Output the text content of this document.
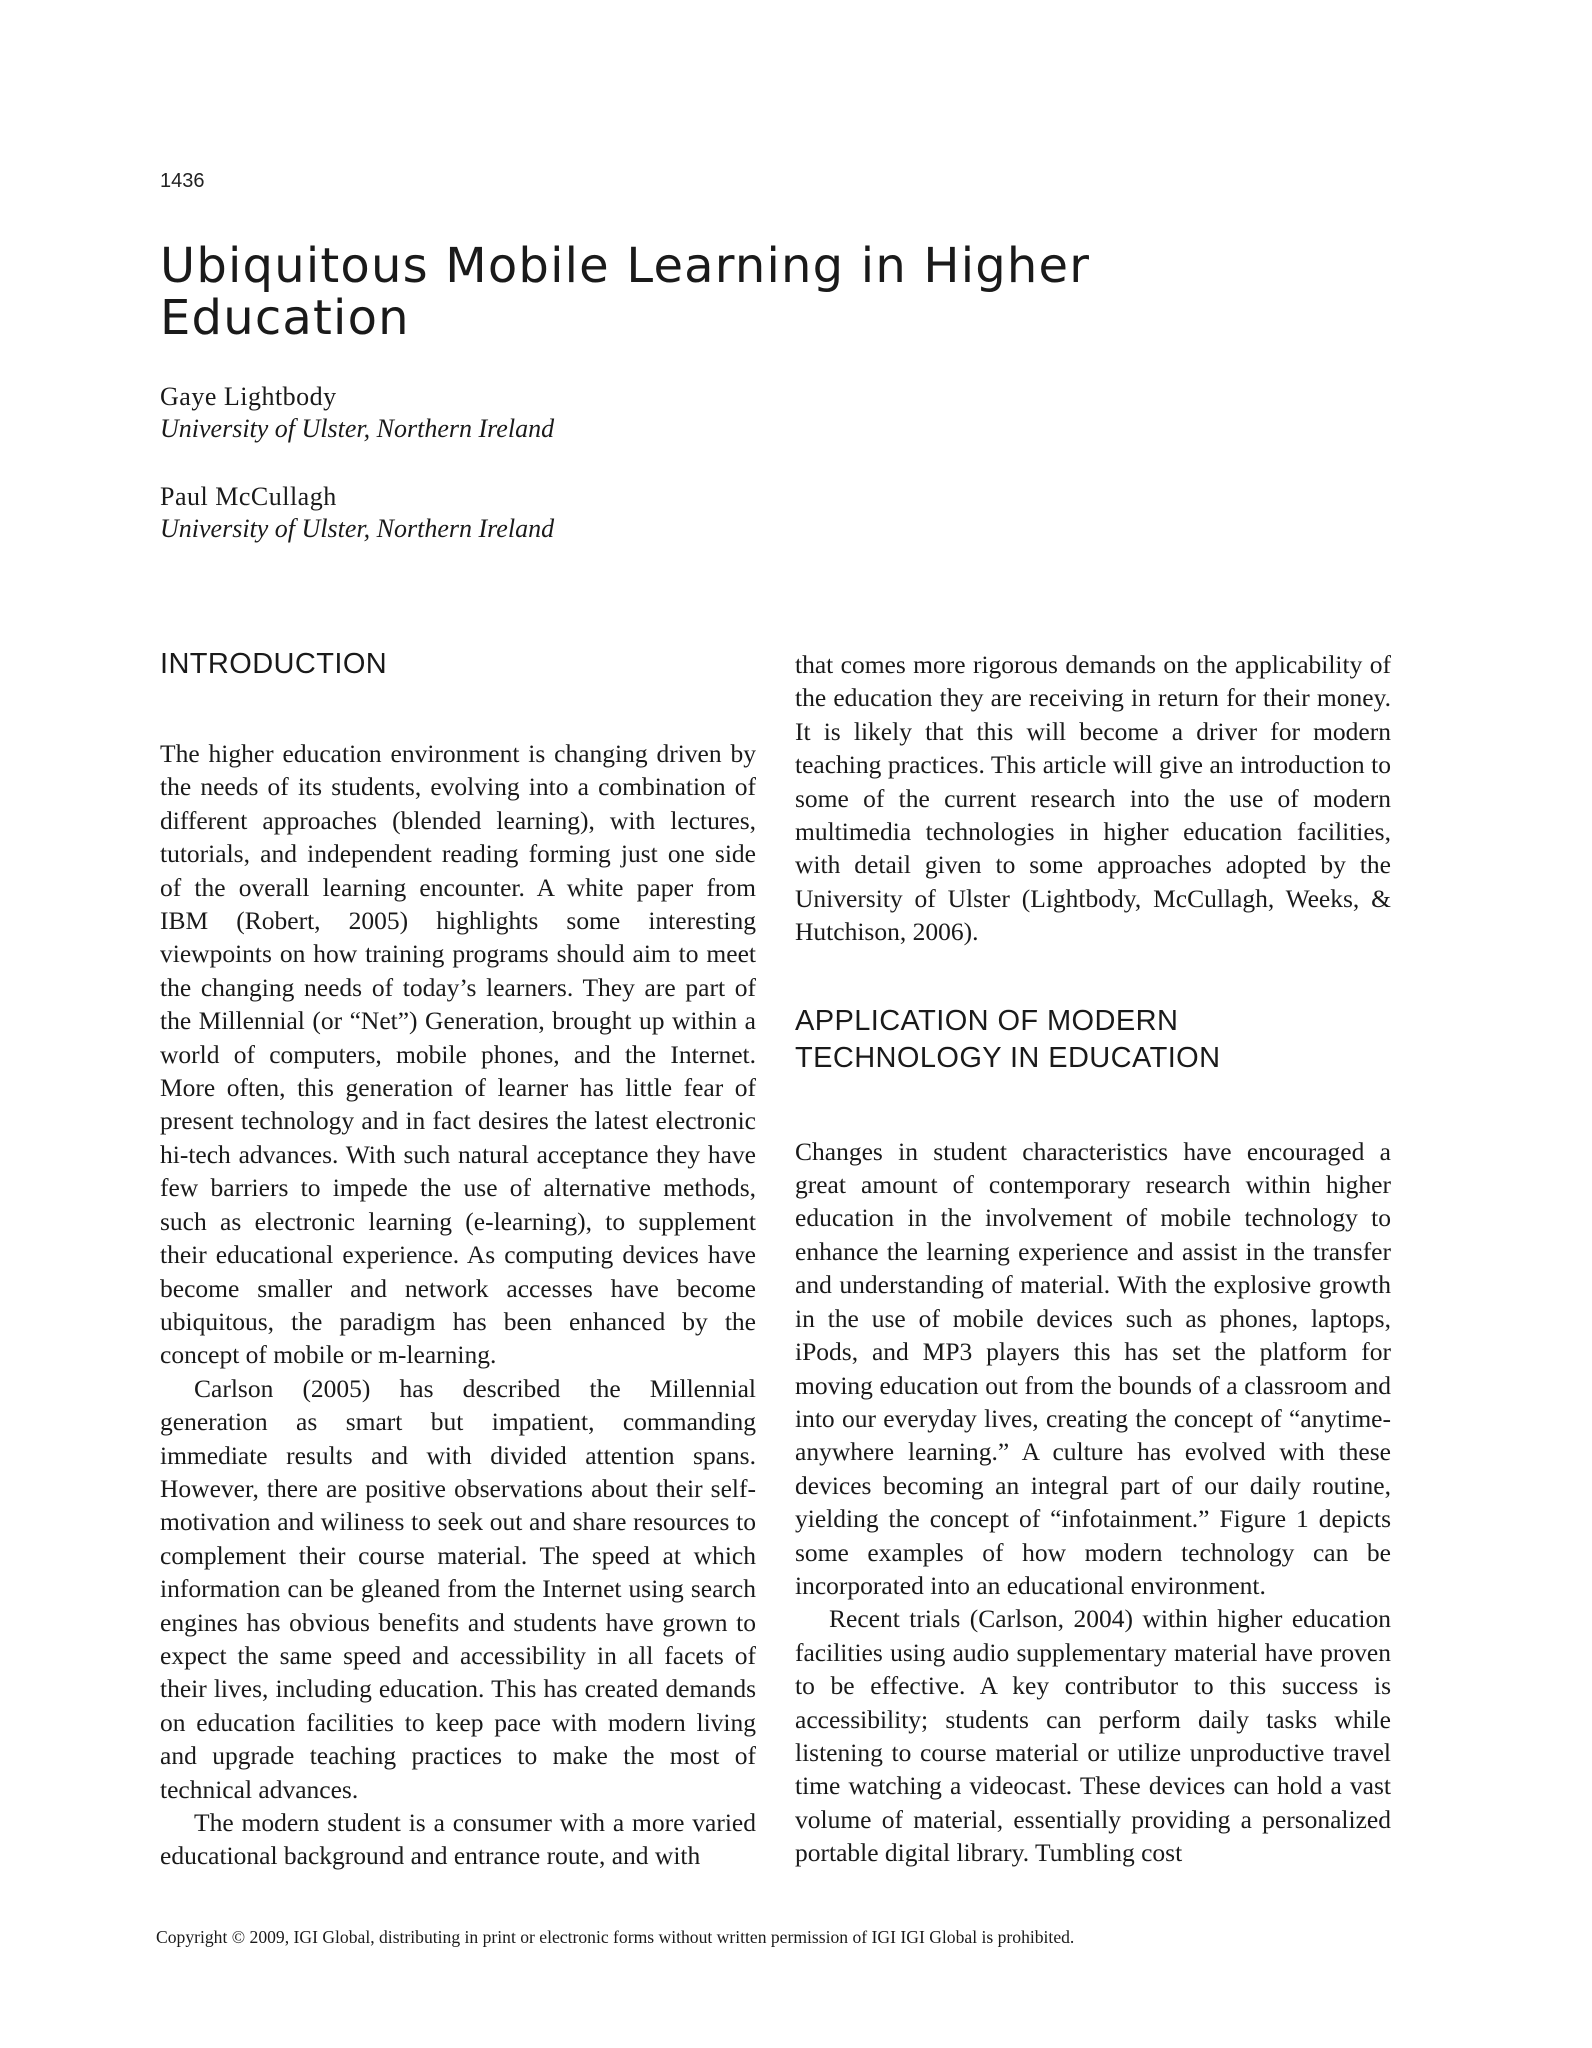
1436
Ubiquitous Mobile Learning in Higher Education
Gaye Lightbody
University of Ulster, Northern Ireland
Paul McCullagh
University of Ulster, Northern Ireland
INTRODUCTION

The higher education environment is changing driven by the needs of its students, evolving into a combination of different approaches (blended learning), with lectures, tutorials, and independent reading forming just one side of the overall learning encounter. A white paper from IBM (Robert, 2005) highlights some interesting viewpoints on how training programs should aim to meet the changing needs of today’s learners. They are part of the Millennial (or “Net”) Generation, brought up within a world of computers, mobile phones, and the Internet. More often, this generation of learner has little fear of present technology and in fact desires the latest electronic hi-tech advances. With such natural acceptance they have few barriers to impede the use of alternative methods, such as electronic learning (e-learning), to supplement their educational experience. As computing devices have become smaller and network accesses have become ubiquitous, the paradigm has been enhanced by the concept of mobile or m-learning.

Carlson (2005) has described the Millennial generation as smart but impatient, commanding immediate results and with divided attention spans. However, there are positive observations about their self-motivation and wiliness to seek out and share resources to complement their course material. The speed at which information can be gleaned from the Internet using search engines has obvious benefits and students have grown to expect the same speed and accessibility in all facets of their lives, including education. This has created demands on education facilities to keep pace with modern living and upgrade teaching practices to make the most of technical advances.

The modern student is a consumer with a more varied educational background and entrance route, and with

that comes more rigorous demands on the applicability of the education they are receiving in return for their money. It is likely that this will become a driver for modern teaching practices. This article will give an introduction to some of the current research into the use of modern multimedia technologies in higher education facilities, with detail given to some approaches adopted by the University of Ulster (Lightbody, McCullagh, Weeks, & Hutchison, 2006).

APPLICATION OF MODERN TECHNOLOGY IN EDUCATION

Changes in student characteristics have encouraged a great amount of contemporary research within higher education in the involvement of mobile technology to enhance the learning experience and assist in the transfer and understanding of material. With the explosive growth in the use of mobile devices such as phones, laptops, iPods, and MP3 players this has set the platform for moving education out from the bounds of a classroom and into our everyday lives, creating the concept of “anytime-anywhere learning.” A culture has evolved with these devices becoming an integral part of our daily routine, yielding the concept of “infotainment.” Figure 1 depicts some examples of how modern technology can be incorporated into an educational environment.

Recent trials (Carlson, 2004) within higher education facilities using audio supplementary material have proven to be effective. A key contributor to this success is accessibility; students can perform daily tasks while listening to course material or utilize unproductive travel time watching a videocast. These devices can hold a vast volume of material, essentially providing a personalized portable digital library. Tumbling cost

Copyright © 2009, IGI Global, distributing in print or electronic forms without written permission of IGI IGI Global is prohibited.
